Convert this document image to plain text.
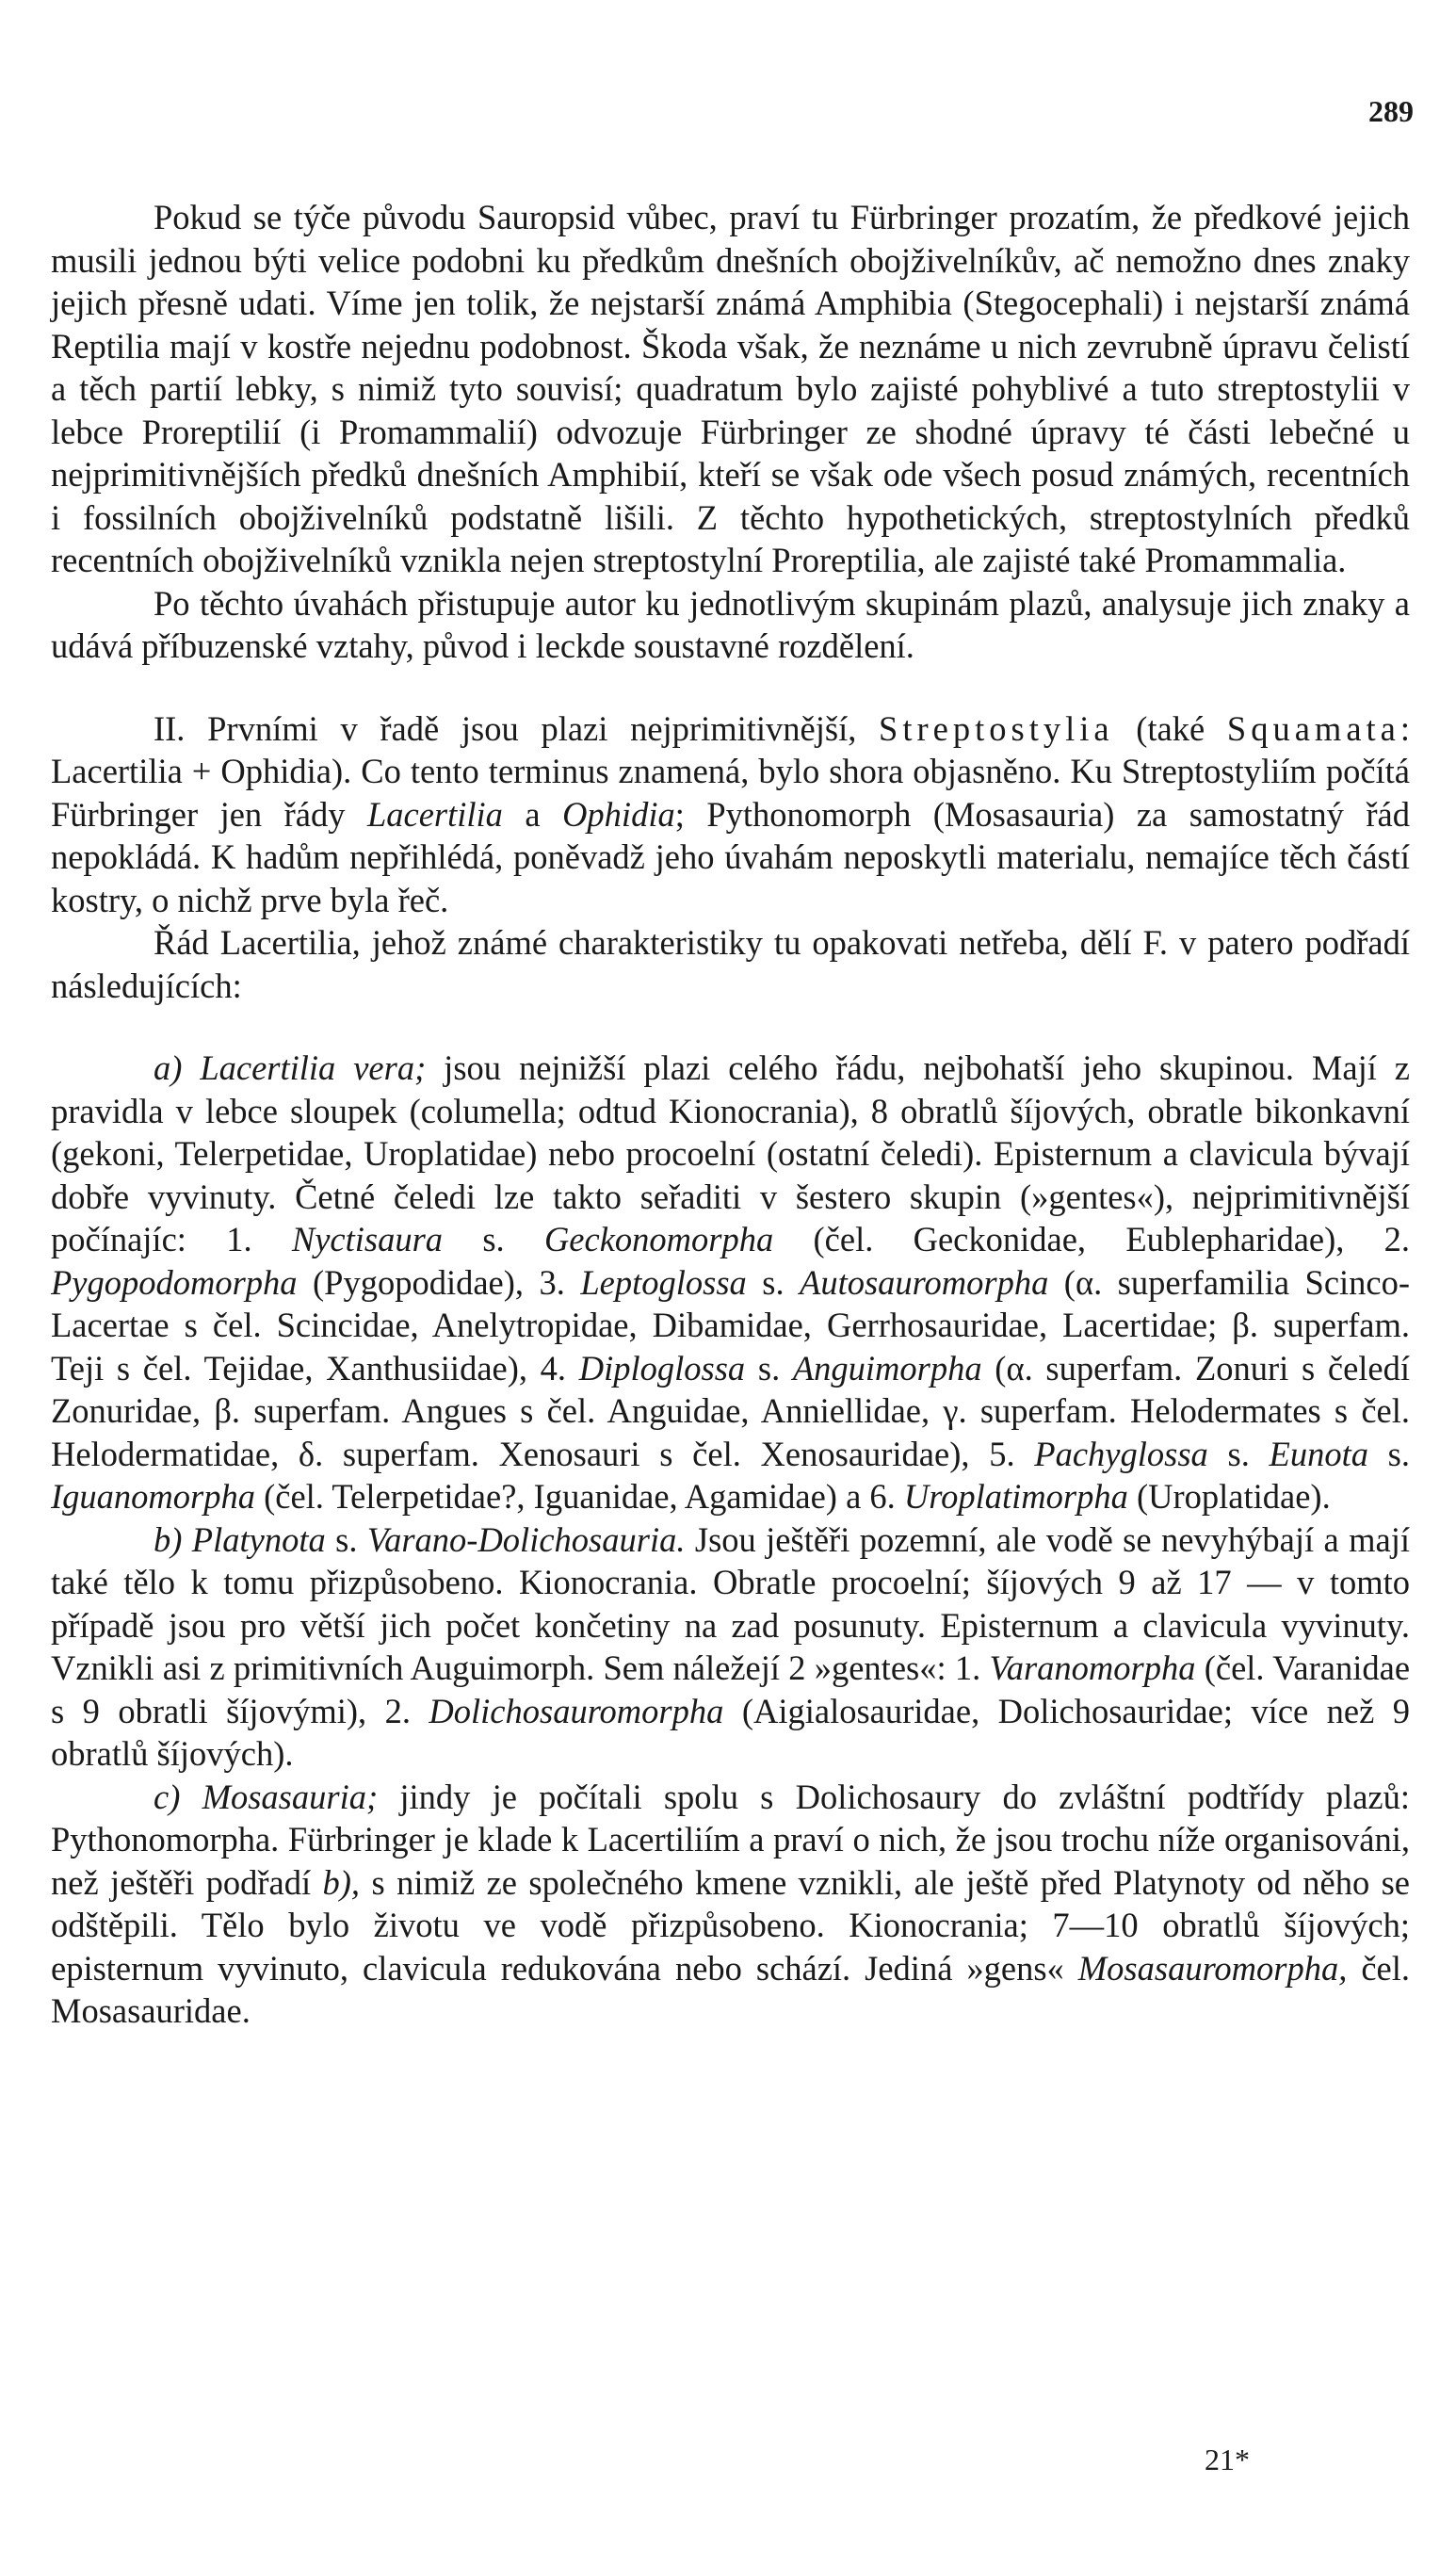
289

Pokud se týče původu Sauropsid vůbec, praví tu Fürbringer prozatím, že předkové jejich musili jednou býti velice podobni ku předkům dnešních obojživelníkův, ač nemožno dnes znaky jejich přesně udati. Víme jen tolik, že nejstarší známá Amphibia (Stegocephali) i nejstarší známá Reptilia mají v kostře nejednu podobnost. Škoda však, že neznáme u nich zevrubně úpravu čelistí a těch partií lebky, s nimiž tyto souvisí; quadratum bylo zajisté pohyblivé a tuto streptostylii v lebce Proreptilií (i Promammalií) odvozuje Fürbringer ze shodné úpravy té části lebečné u nejprimitivnějších předků dnešních Amphibií, kteří se však ode všech posud známých, recentních i fossilních obojživelníků podstatně lišili. Z těchto hypothetických, streptostylních předků recentních obojživelníků vznikla nejen streptostylní Proreptilia, ale zajisté také Promammalia.

Po těchto úvahách přistupuje autor ku jednotlivým skupinám plazů, analysuje jich znaky a udává příbuzenské vztahy, původ i leckde soustavné rozdělení.

II. Prvními v řadě jsou plazi nejprimitivnější, Streptostylia (také Squamata: Lacertilia + Ophidia). Co tento terminus znamená, bylo shora objasněno. Ku Streptostyliím počítá Fürbringer jen řády Lacertilia a Ophidia; Pythonomorph (Mosasauria) za samostatný řád nepokládá. K hadům nepřihlédá, poněvadž jeho úvahám neposkytli materialu, nemajíce těch částí kostry, o nichž prve byla řeč.

Řád Lacertilia, jehož známé charakteristiky tu opakovati netřeba, dělí F. v patero podřadí následujících:

a) Lacertilia vera; jsou nejnižší plazi celého řádu, nejbohatší jeho skupinou. Mají z pravidla v lebce sloupek (columella; odtud Kionocrania), 8 obratlů šíjových, obratle bikonkavní (gekoni, Telerpetidae, Uroplatidae) nebo procoelní (ostatní čeledi). Episternum a clavicula bývají dobře vyvinuty. Četné čeledi lze takto seřaditi v šestero skupin (»gentes«), nejprimitivnější počínajíc: 1. Nyctisaura s. Geckonomorpha (čel. Geckonidae, Eublepharidae), 2. Pygopodomorpha (Pygopodidae), 3. Leptoglossa s. Autosauromorpha (α. superfamilia Scinco-Lacertae s čel. Scincidae, Anelytropidae, Dibamidae, Gerrhosauridae, Lacertidae; β. superfam. Teji s čel. Tejidae, Xanthusiidae), 4. Diploglossa s. Anguimorpha (α. superfam. Zonuri s čeledí Zonuridae, β. superfam. Angues s čel. Anguidae, Anniellidae, γ. superfam. Helodermates s čel. Helodermatidae, δ. superfam. Xenosauri s čel. Xenosauridae), 5. Pachyglossa s. Eunota s. Iguanomorpha (čel. Telerpetidae?, Iguanidae, Agamidae) a 6. Uroplatimorpha (Uroplatidae).

b) Platynota s. Varano-Dolichosauria. Jsou ještěři pozemní, ale vodě se nevyhýbají a mají také tělo k tomu přizpůsobeno. Kionocrania. Obratle procoelní; šíjových 9 až 17 — v tomto případě jsou pro větší jich počet končetiny na zad posunuty. Episternum a clavicula vyvinuty. Vznikli asi z primitivních Auguimorph. Sem náležejí 2 »gentes«: 1. Varanomorpha (čel. Varanidae s 9 obratli šíjovými), 2. Dolichosauromorpha (Aigialosauridae, Dolichosauridae; více než 9 obratlů šíjových).

c) Mosasauria; jindy je počítali spolu s Dolichosaury do zvláštní podtřídy plazů: Pythonomorpha. Fürbringer je klade k Lacertiliím a praví o nich, že jsou trochu níže organisováni, než ještěři podřadí b), s nimiž ze společného kmene vznikli, ale ještě před Platynoty od něho se odštěpili. Tělo bylo životu ve vodě přizpůsobeno. Kionocrania; 7—10 obratlů šíjových; episternum vyvinuto, clavicula redukována nebo schází. Jediná »gens« Mosasauromorpha, čel. Mosasauridae.

21*
